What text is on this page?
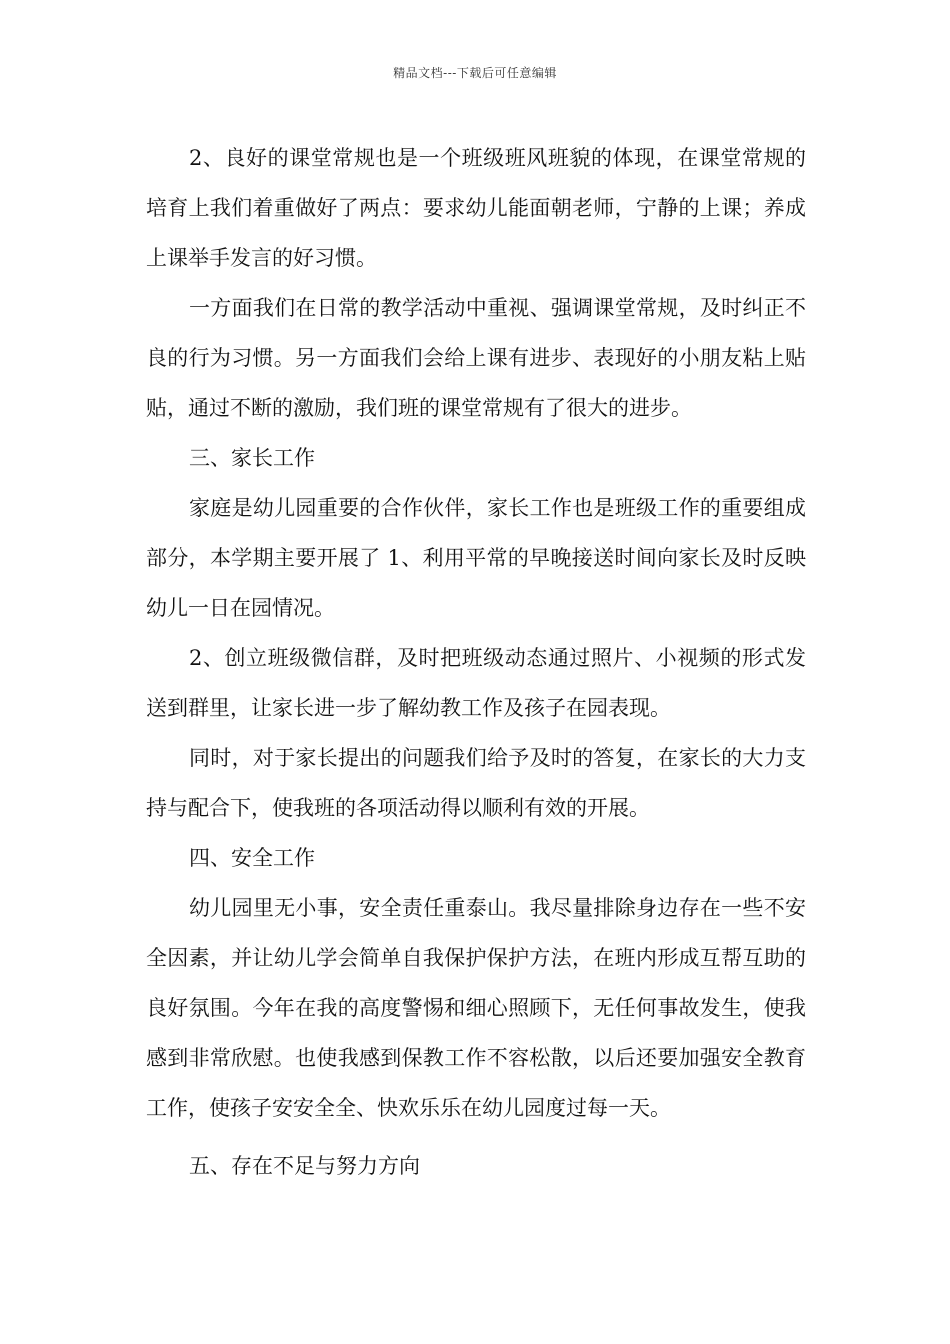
精品文档---下载后可任意编辑

2、良好的课堂常规也是一个班级班风班貌的体现，在课堂常规的培育上我们着重做好了两点：要求幼儿能面朝老师，宁静的上课；养成上课举手发言的好习惯。

一方面我们在日常的教学活动中重视、强调课堂常规，及时纠正不良的行为习惯。另一方面我们会给上课有进步、表现好的小朋友粘上贴贴，通过不断的激励，我们班的课堂常规有了很大的进步。

三、家长工作

家庭是幼儿园重要的合作伙伴，家长工作也是班级工作的重要组成部分，本学期主要开展了 1、利用平常的早晚接送时间向家长及时反映幼儿一日在园情况。

2、创立班级微信群，及时把班级动态通过照片、小视频的形式发送到群里，让家长进一步了解幼教工作及孩子在园表现。

同时，对于家长提出的问题我们给予及时的答复，在家长的大力支持与配合下，使我班的各项活动得以顺利有效的开展。

四、安全工作

幼儿园里无小事，安全责任重泰山。我尽量排除身边存在一些不安全因素，并让幼儿学会简单自我保护保护方法，在班内形成互帮互助的良好氛围。今年在我的高度警惕和细心照顾下，无任何事故发生，使我感到非常欣慰。也使我感到保教工作不容松散，以后还要加强安全教育工作，使孩子安安全全、快欢乐乐在幼儿园度过每一天。

五、存在不足与努力方向
